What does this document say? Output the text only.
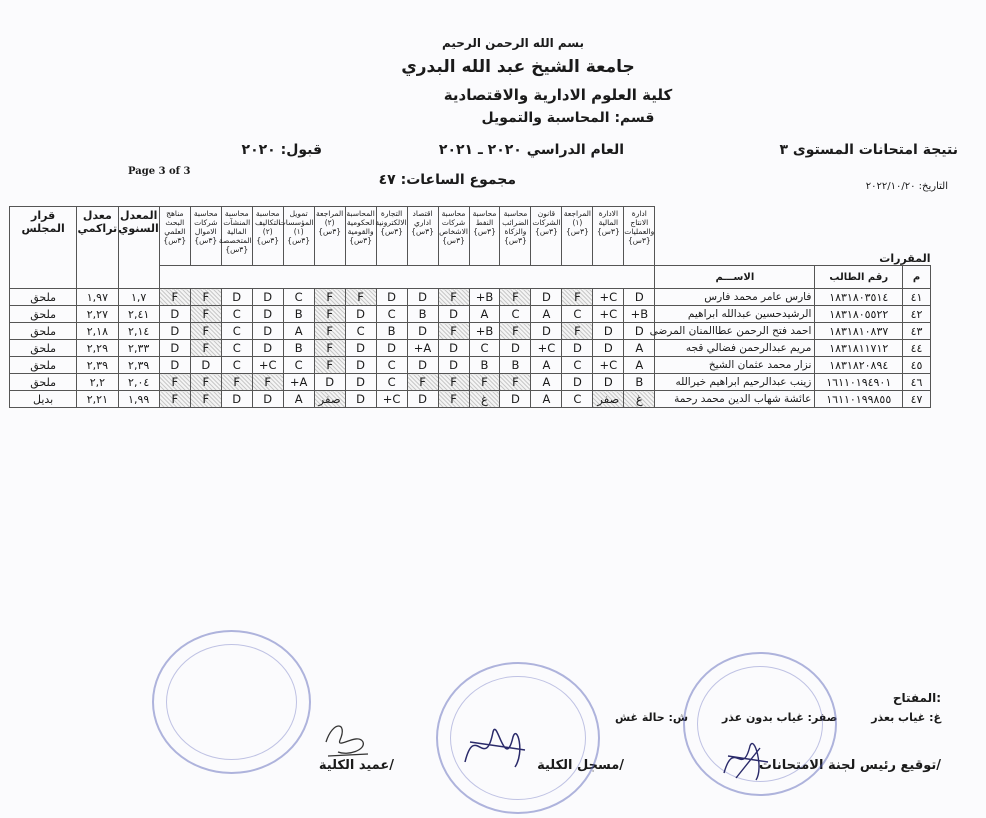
بسم الله الرحمن الرحيم
جامعة الشيخ عبد الله البدري
كلية العلوم الادارية والاقتصادية
قسم: المحاسبة والتمويل
نتيجة امتحانات المستوى ٣
العام الدراسي ٢٠٢٠ ـ ٢٠٢١
قبول: ٢٠٢٠
Page 3 of 3
مجموع الساعات: ٤٧	التاريخ: ٢٠٢٢/١٠/٢٠
المقررات			ادارة الانتاج والعمليات {٣س}	الادارة المالية {٣س}	المراجعة (١) {٣س}	قانون الشركات {٣س}	محاسبة الضرائب والزكاة {٣س}	محاسبة النفط {٣س}	محاسبة شركات الاشخاص {٣س}	اقتصاد اداري {٣س}	التجارة الالكترونية {٣س}	المحاسبة الحكومية والقومية {٣س}	المراجعة (٢) {٣س}	تمويل المؤسسات (١) {٣س}	محاسبة التكاليف (٢) {٣س}	محاسبة المنشآت المالية المتخصصة {٣س}	محاسبة شركات الاموال {٣س}	مناهج البحث العلمي {٣س}	المعدل السنوي	معدل تراكمي	قرار المجلس
م	رقم الطالب	الاســـم																			
٤١	١٨٣١٨٠٣٥١٤	فارس عامر محمد فارس	D	C+	F	D	F	B+	F	D	D	F	F	C	D	D	F	F	١,٧	١,٩٧	ملحق
٤٢	١٨٣١٨٠٥٥٢٢	الرشيدحسين عبدالله ابراهيم	B+	C+	C	A	C	A	D	B	C	D	F	B	D	C	F	D	٢,٤١	٢,٢٧	ملحق
٤٣	١٨٣١٨١٠٨٣٧	احمد فتح الرحمن عطاالمنان المرضى	D	D	F	D	F	B+	F	D	B	C	F	A	D	C	F	D	٢,١٤	٢,١٨	ملحق
٤٤	١٨٣١٨١١٧١٢	مريم عبدالرحمن فضالي قجه	A	D	D	C+	D	C	D	A+	D	D	F	B	D	C	F	D	٢,٣٣	٢,٢٩	ملحق
٤٥	١٨٣١٨٢٠٨٩٤	نزار محمد عثمان الشيخ	A	C+	C	A	B	B	D	D	C	D	F	C	C+	C	D	D	٢,٣٩	٢,٣٩	ملحق
٤٦	١٦١١٠١٩٤٩٠١	زينب عبدالرحيم ابراهيم خيرالله	B	D	D	A	F	F	F	F	C	D	D	A+	F	F	F	F	٢,٠٤	٢,٢	ملحق
٤٧	١٦١١٠١٩٩٨٥٥	عائشة شهاب الدين محمد رحمة	غ	صفر	C	A	D	غ	F	D	C+	D	صفر	A	D	D	F	F	١,٩٩	٢,٢١	بديل
المفتاح:
غ: غياب بعذر صفر: غياب بدون عذر ش: حالة غش
توقيع رئيس لجنة الامتحانات/
مسجل الكلية/
عميد الكلية/
